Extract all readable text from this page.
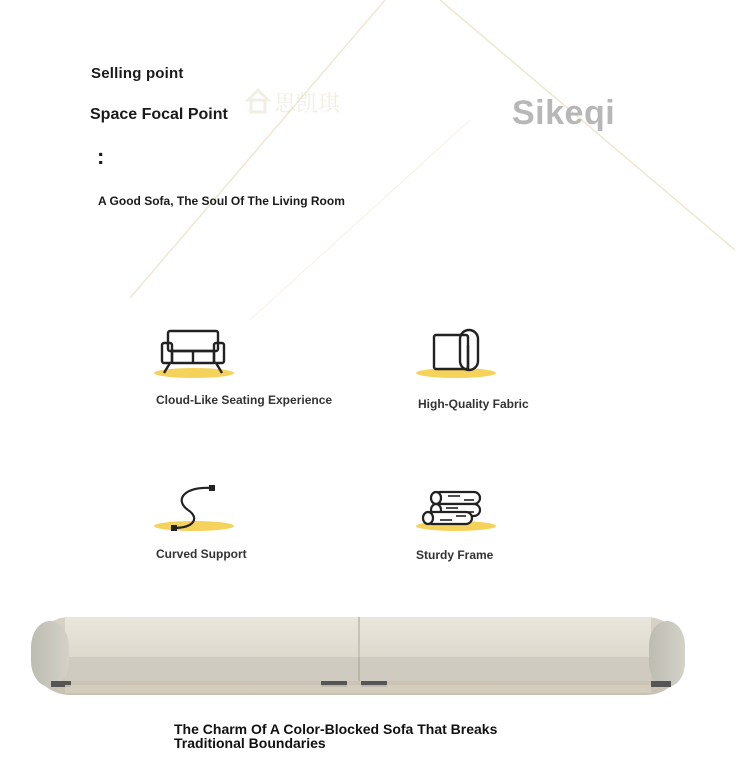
Selling point
Space Focal Point
:
A Good Sofa, The Soul Of The Living Room
思凯琪	Sikeqi
Cloud-Like Seating Experience	High-Quality Fabric
Curved Support	Sturdy Frame
The Charm Of A Color-Blocked Sofa That Breaks
Traditional Boundaries
